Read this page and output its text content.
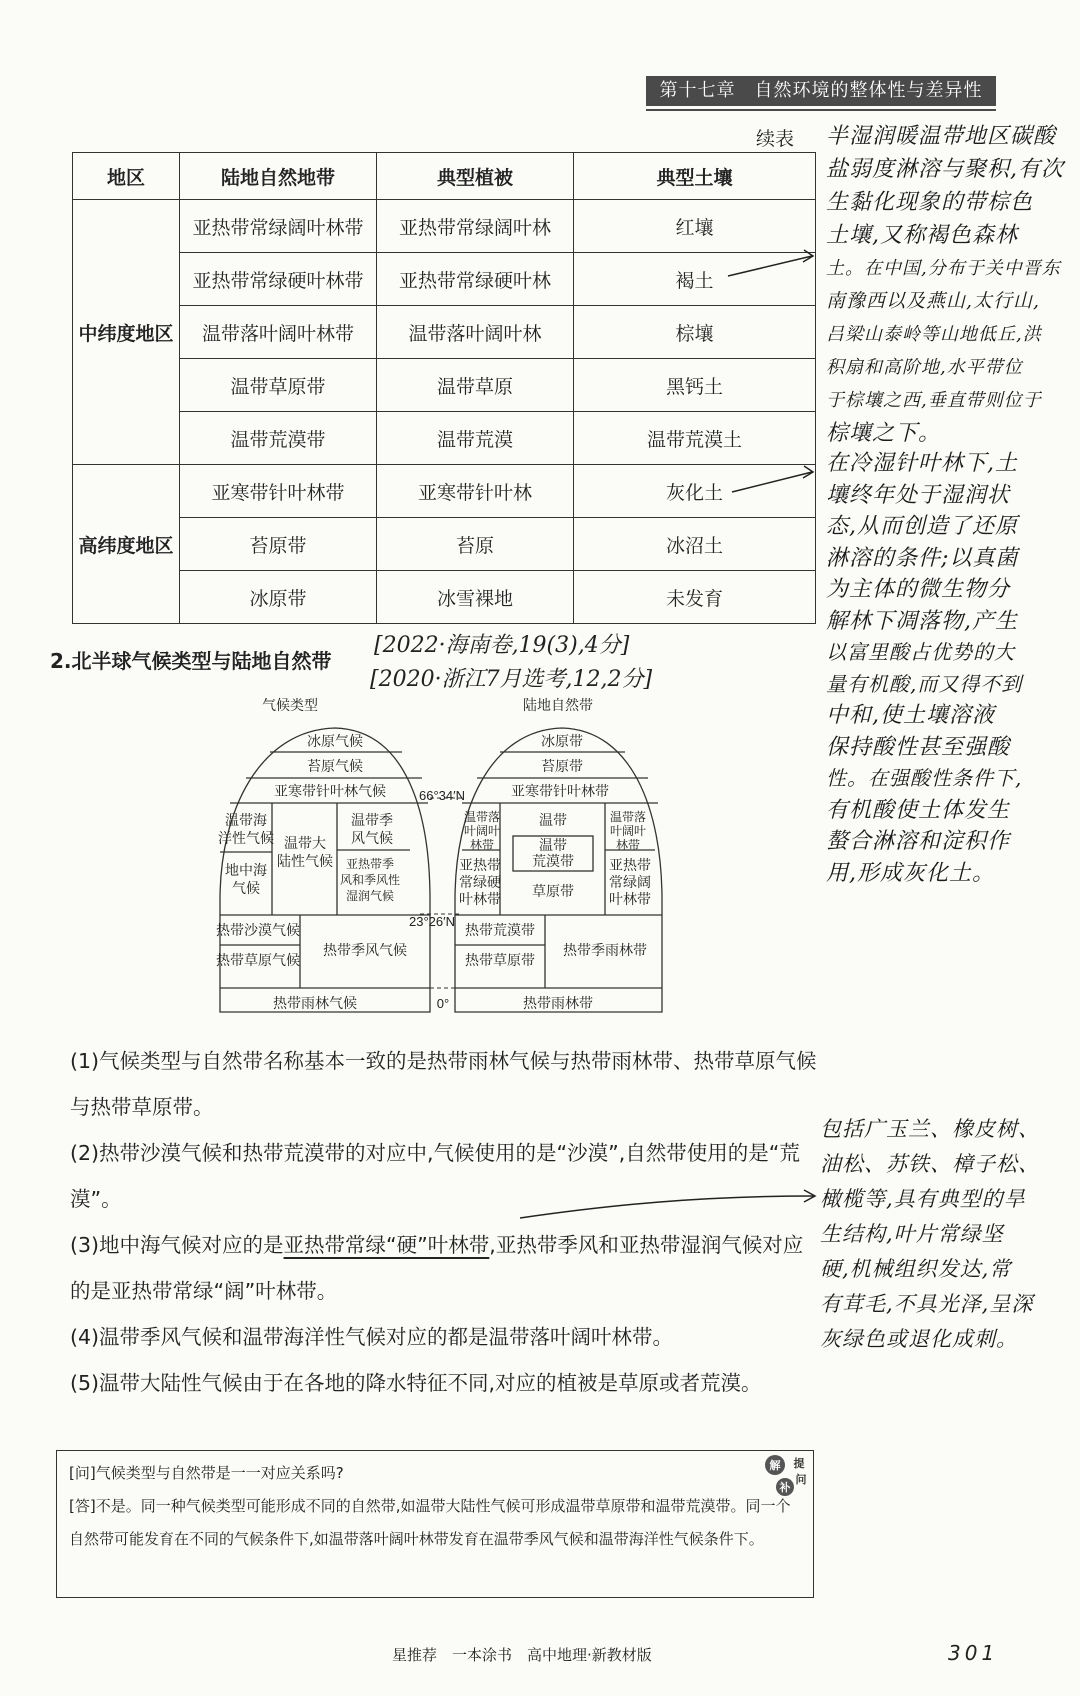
第十七章　自然环境的整体性与差异性
续表
地区	陆地自然地带	典型植被	典型土壤
中纬度地区	亚热带常绿阔叶林带	亚热带常绿阔叶林	红壤
	亚热带常绿硬叶林带	亚热带常绿硬叶林	褐土
	温带落叶阔叶林带	温带落叶阔叶林	棕壤
	温带草原带	温带草原	黑钙土
	温带荒漠带	温带荒漠	温带荒漠土
高纬度地区	亚寒带针叶林带	亚寒带针叶林	灰化土
	苔原带	苔原	冰沼土
	冰原带	冰雪裸地	未发育
半湿润暖温带地区碳酸
盐弱度淋溶与聚积,有次
生黏化现象的带棕色
土壤,又称褐色森林
土。在中国,分布于关中晋东
南豫西以及燕山,太行山,
吕梁山泰岭等山地低丘,洪
积扇和高阶地,水平带位
于棕壤之西,垂直带则位于
棕壤之下。
在冷湿针叶林下,土
壤终年处于湿润状
态,从而创造了还原
淋溶的条件;以真菌
为主体的微生物分
解林下凋落物,产生
以富里酸占优势的大
量有机酸,而又得不到
中和,使土壤溶液
保持酸性甚至强酸
性。在强酸性条件下,
有机酸使土体发生
螯合淋溶和淀积作
用,形成灰化土。
包括广玉兰、橡皮树、
油松、苏铁、樟子松、
橄榄等,具有典型的旱
生结构,叶片常绿坚
硬,机械组织发达,常
有茸毛,不具光泽,呈深
灰绿色或退化成刺。
2.北半球气候类型与陆地自然带
[2022·海南卷,19(3),4分]
[2020·浙江7月选考,12,2分]
气候类型	陆地自然带
冰原气候
苔原气候
亚寒带针叶林气候
温带海
洋性气候 温带大
陆性气候
温带季
风气候
地中海
气候
亚热带季
风和季风性
湿润气候
热带沙漠气候
热带草原气候
热带季风气候
热带雨林气候
冰原带
苔原带
亚寒带针叶林带
温带落
叶阔叶
林带
温带
温带
荒漠带
温带落
叶阔叶
林带
亚热带
常绿硬
叶林带 草原带
亚热带
常绿阔
叶林带
热带荒漠带
热带草原带
热带季雨林带
热带雨林带
66°34′N
23°26′N
0°

(1)气候类型与自然带名称基本一致的是热带雨林气候与热带雨林带、热带草原气候与热带草原带。

(2)热带沙漠气候和热带荒漠带的对应中,气候使用的是“沙漠”,自然带使用的是“荒漠”。

(3)地中海气候对应的是亚热带常绿“硬”叶林带,亚热带季风和亚热带湿润气候对应的是亚热带常绿“阔”叶林带。

(4)温带季风气候和温带海洋性气候对应的都是温带落叶阔叶林带。

(5)温带大陆性气候由于在各地的降水特征不同,对应的植被是草原或者荒漠。

[问]气候类型与自然带是一一对应关系吗?

[答]不是。同一种气候类型可能形成不同的自然带,如温带大陆性气候可形成温带草原带和温带荒漠带。同一个自然带可能发育在不同的气候条件下,如温带落叶阔叶林带发育在温带季风气候和温带海洋性气候条件下。

解 提
问
补
星推荐　一本涂书　高中地理·新教材版	301
